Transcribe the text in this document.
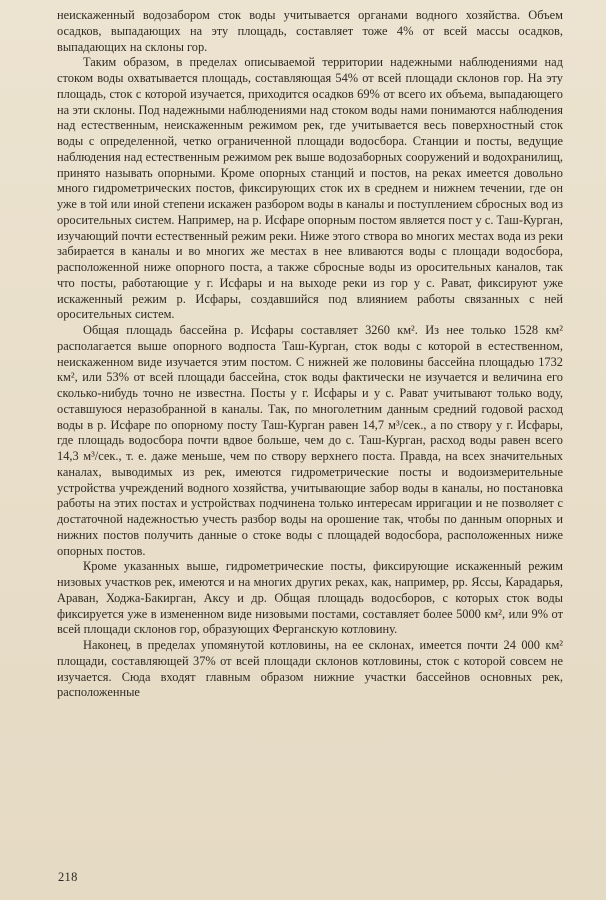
неискаженный водозабором сток воды учитывается органами водного хозяйства. Объем осадков, выпадающих на эту площадь, составляет тоже 4% от всей массы осадков, выпадающих на склоны гор.

Таким образом, в пределах описываемой территории надежными наблюдениями над стоком воды охватывается площадь, составляющая 54% от всей площади склонов гор. На эту площадь, сток с которой изучается, приходится осадков 69% от всего их объема, выпадающего на эти склоны. Под надежными наблюдениями над стоком воды нами понимаются наблюдения над естественным, неискаженным режимом рек, где учитывается весь поверхностный сток воды с определенной, четко ограниченной площади водосбора. Станции и посты, ведущие наблюдения над естественным режимом рек выше водозаборных сооружений и водохранилищ, принято называть опорными. Кроме опорных станций и постов, на реках имеется довольно много гидрометрических постов, фиксирующих сток их в среднем и нижнем течении, где он уже в той или иной степени искажен разбором воды в каналы и поступлением сбросных вод из оросительных систем. Например, на р. Исфаре опорным постом является пост у с. Таш-Курган, изучающий почти естественный режим реки. Ниже этого створа во многих местах вода из реки забирается в каналы и во многих же местах в нее вливаются воды с площади водосбора, расположенной ниже опорного поста, а также сбросные воды из оросительных каналов, так что посты, работающие у г. Исфары и на выходе реки из гор у с. Рават, фиксируют уже искаженный режим р. Исфары, создавшийся под влиянием работы связанных с ней оросительных систем.

Общая площадь бассейна р. Исфары составляет 3260 км². Из нее только 1528 км² располагается выше опорного водпоста Таш-Курган, сток воды с которой в естественном, неискаженном виде изучается этим постом. С нижней же половины бассейна площадью 1732 км², или 53% от всей площади бассейна, сток воды фактически не изучается и величина его сколько-нибудь точно не известна. Посты у г. Исфары и у с. Рават учитывают только воду, оставшуюся неразобранной в каналы. Так, по многолетним данным средний годовой расход воды в р. Исфаре по опорному посту Таш-Курган равен 14,7 м³/сек., а по створу у г. Исфары, где площадь водосбора почти вдвое больше, чем до с. Таш-Курган, расход воды равен всего 14,3 м³/сек., т. е. даже меньше, чем по створу верхнего поста. Правда, на всех значительных каналах, выводимых из рек, имеются гидрометрические посты и водоизмерительные устройства учреждений водного хозяйства, учитывающие забор воды в каналы, но постановка работы на этих постах и устройствах подчинена только интересам ирригации и не позволяет с достаточной надежностью учесть разбор воды на орошение так, чтобы по данным опорных и нижних постов получить данные о стоке воды с площадей водосбора, расположенных ниже опорных постов.

Кроме указанных выше, гидрометрические посты, фиксирующие искаженный режим низовых участков рек, имеются и на многих других реках, как, например, рр. Яссы, Карадарья, Араван, Ходжа-Бакирган, Аксу и др. Общая площадь водосборов, с которых сток воды фиксируется уже в измененном виде низовыми постами, составляет более 5000 км², или 9% от всей площади склонов гор, образующих Ферганскую котловину.

Наконец, в пределах упомянутой котловины, на ее склонах, имеется почти 24 000 км² площади, составляющей 37% от всей площади склонов котловины, сток с которой совсем не изучается. Сюда входят главным образом нижние участки бассейнов основных рек, расположенные

218
